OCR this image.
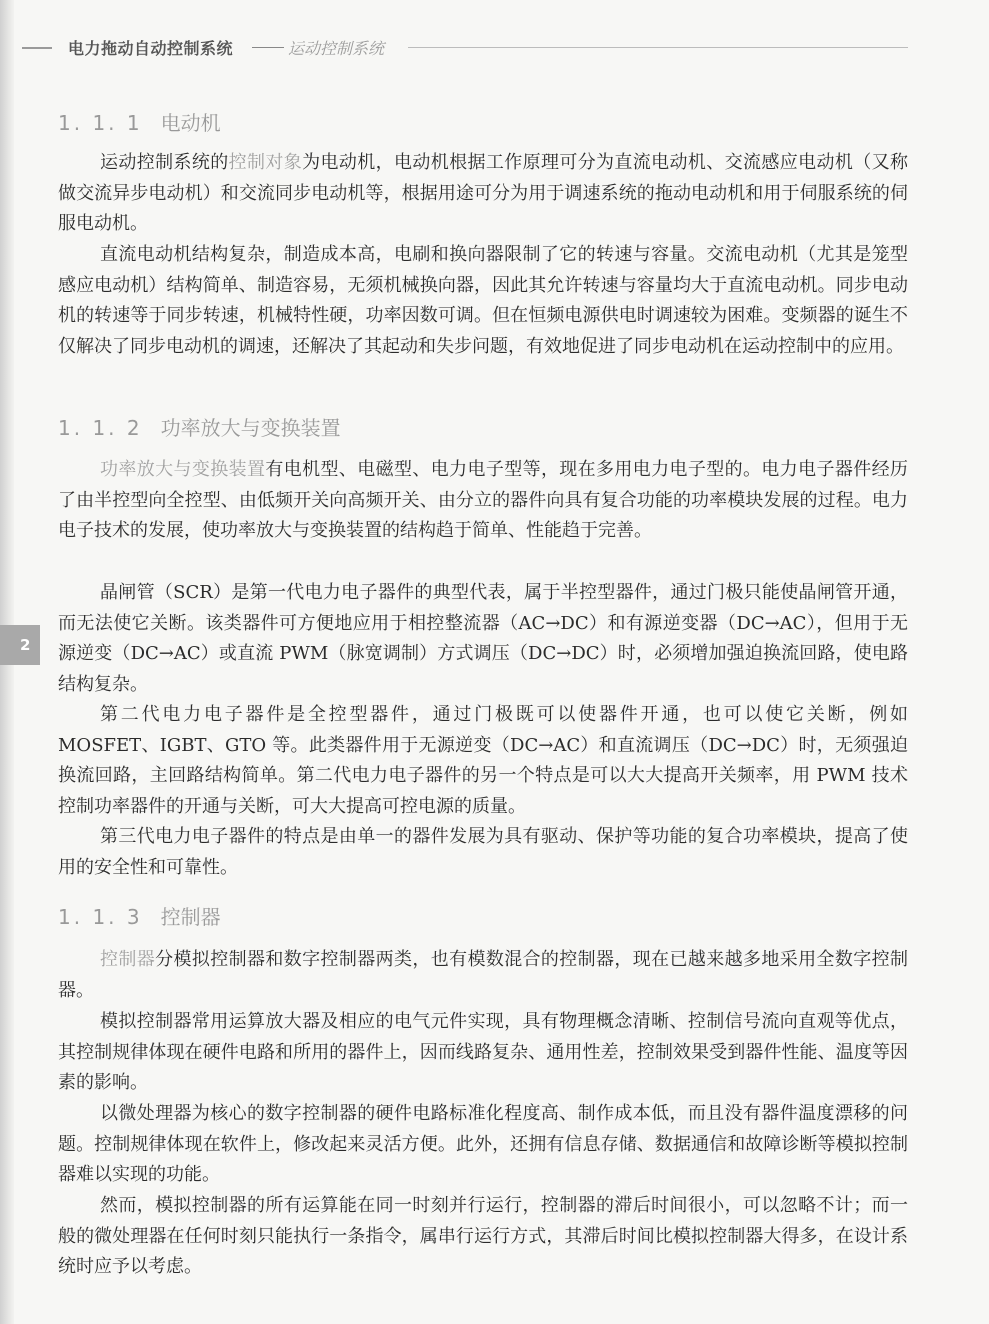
电力拖动自动控制系统	运动控制系统
2
1. 1. 1 电动机
运动控制系统的控制对象为电动机，电动机根据工作原理可分为直流电动机、交流感应电动机（又称做交流异步电动机）和交流同步电动机等，根据用途可分为用于调速系统的拖动电动机和用于伺服系统的伺服电动机。
直流电动机结构复杂，制造成本高，电刷和换向器限制了它的转速与容量。交流电动机（尤其是笼型感应电动机）结构简单、制造容易，无须机械换向器，因此其允许转速与容量均大于直流电动机。同步电动机的转速等于同步转速，机械特性硬，功率因数可调。但在恒频电源供电时调速较为困难。变频器的诞生不仅解决了同步电动机的调速，还解决了其起动和失步问题，有效地促进了同步电动机在运动控制中的应用。
1. 1. 2 功率放大与变换装置
功率放大与变换装置有电机型、电磁型、电力电子型等，现在多用电力电子型的。电力电子器件经历了由半控型向全控型、由低频开关向高频开关、由分立的器件向具有复合功能的功率模块发展的过程。电力电子技术的发展，使功率放大与变换装置的结构趋于简单、性能趋于完善。
晶闸管（SCR）是第一代电力电子器件的典型代表，属于半控型器件，通过门极只能使晶闸管开通，而无法使它关断。该类器件可方便地应用于相控整流器（AC→DC）和有源逆变器（DC→AC），但用于无源逆变（DC→AC）或直流 PWM（脉宽调制）方式调压（DC→DC）时，必须增加强迫换流回路，使电路结构复杂。
第二代电力电子器件是全控型器件，通过门极既可以使器件开通，也可以使它关断，例如 MOSFET、IGBT、GTO 等。此类器件用于无源逆变（DC→AC）和直流调压（DC→DC）时，无须强迫换流回路，主回路结构简单。第二代电力电子器件的另一个特点是可以大大提高开关频率，用 PWM 技术控制功率器件的开通与关断，可大大提高可控电源的质量。
第三代电力电子器件的特点是由单一的器件发展为具有驱动、保护等功能的复合功率模块，提高了使用的安全性和可靠性。
1. 1. 3 控制器
控制器分模拟控制器和数字控制器两类，也有模数混合的控制器，现在已越来越多地采用全数字控制器。
模拟控制器常用运算放大器及相应的电气元件实现，具有物理概念清晰、控制信号流向直观等优点，其控制规律体现在硬件电路和所用的器件上，因而线路复杂、通用性差，控制效果受到器件性能、温度等因素的影响。
以微处理器为核心的数字控制器的硬件电路标准化程度高、制作成本低，而且没有器件温度漂移的问题。控制规律体现在软件上，修改起来灵活方便。此外，还拥有信息存储、数据通信和故障诊断等模拟控制器难以实现的功能。
然而，模拟控制器的所有运算能在同一时刻并行运行，控制器的滞后时间很小，可以忽略不计；而一般的微处理器在任何时刻只能执行一条指令，属串行运行方式，其滞后时间比模拟控制器大得多，在设计系统时应予以考虑。
